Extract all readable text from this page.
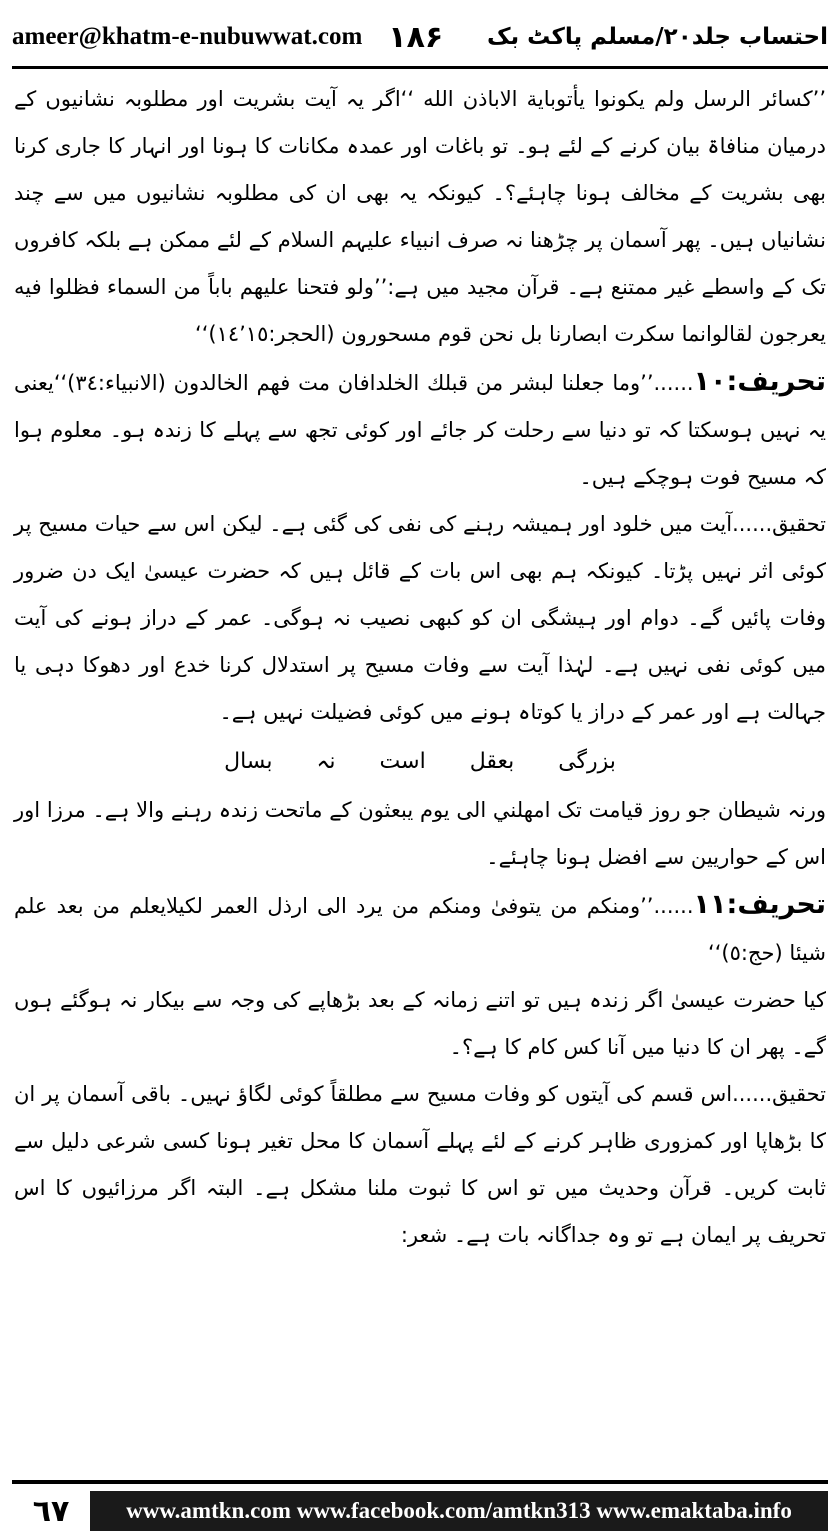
ameer@khatm-e-nubuwwat.com ۱۸۶ احتساب جلد۲۰/مسلم پاکٹ بک

’’كسائر الرسل ولم يكونوا يأتوباية الاباذن الله ‘‘اگر یہ آیت بشریت اور مطلوبہ نشانیوں کے درمیان منافاۃ بیان کرنے کے لئے ہو۔ تو باغات اور عمدہ مکانات کا ہونا اور انہار کا جاری کرنا بھی بشریت کے مخالف ہونا چاہئے؟۔ کیونکہ یہ بھی ان کی مطلوبہ نشانیوں میں سے چند نشانیاں ہیں۔ پھر آسمان پر چڑھنا نہ صرف انبیاء علیہم السلام کے لئے ممکن ہے بلکہ کافروں تک کے واسطے غیر ممتنع ہے۔ قرآن مجید میں ہے:’’ولو فتحنا عليهم باباً من السماء فظلوا فيه يعرجون لقالوانما سكرت ابصارنا بل نحن قوم مسحورون (الحجر:١٤٬١٥)‘‘

تحریف:۱۰......’’وما جعلنا لبشر من قبلك الخلدافان مت فهم الخالدون (الانبياء:٣٤)‘‘یعنی یہ نہیں ہوسکتا کہ تو دنیا سے رحلت کر جائے اور کوئی تجھ سے پہلے کا زندہ ہو۔ معلوم ہوا کہ مسیح فوت ہوچکے ہیں۔

تحقیق......آیت میں خلود اور ہمیشہ رہنے کی نفی کی گئی ہے۔ لیکن اس سے حیات مسیح پر کوئی اثر نہیں پڑتا۔ کیونکہ ہم بھی اس بات کے قائل ہیں کہ حضرت عیسیٰ ایک دن ضرور وفات پائیں گے۔ دوام اور ہیشگی ان کو کبھی نصیب نہ ہوگی۔ عمر کے دراز ہونے کی آیت میں کوئی نفی نہیں ہے۔ لہٰذا آیت سے وفات مسیح پر استدلال کرنا خدع اور دھوکا دہی یا جہالت ہے اور عمر کے دراز یا کوتاہ ہونے میں کوئی فضیلت نہیں ہے۔

بزرگی
بعقل
است
نہ
بسال

ورنہ شیطان جو روز قیامت تک امهلني الى يوم يبعثون کے ماتحت زندہ رہنے والا ہے۔ مرزا اور اس کے حواریین سے افضل ہونا چاہئے۔

تحریف:۱۱......’’ومنكم من يتوفىٰ ومنكم من يرد الى ارذل العمر لكيلايعلم من بعد علم شيئا (حج:٥)‘‘

کیا حضرت عیسیٰ اگر زندہ ہیں تو اتنے زمانہ کے بعد بڑھاپے کی وجہ سے بیکار نہ ہوگئے ہوں گے۔ پھر ان کا دنیا میں آنا کس کام کا ہے؟۔

تحقیق......اس قسم کی آیتوں کو وفات مسیح سے مطلقاً کوئی لگاؤ نہیں۔ باقی آسمان پر ان کا بڑھاپا اور کمزوری ظاہر کرنے کے لئے پہلے آسمان کا محل تغیر ہونا کسی شرعی دلیل سے ثابت کریں۔ قرآن وحدیث میں تو اس کا ثبوت ملنا مشکل ہے۔ البتہ اگر مرزائیوں کا اس تحریف پر ایمان ہے تو وہ جداگانہ بات ہے۔ شعر:

٦٧	www.amtkn.com www.facebook.com/amtkn313 www.emaktaba.info
